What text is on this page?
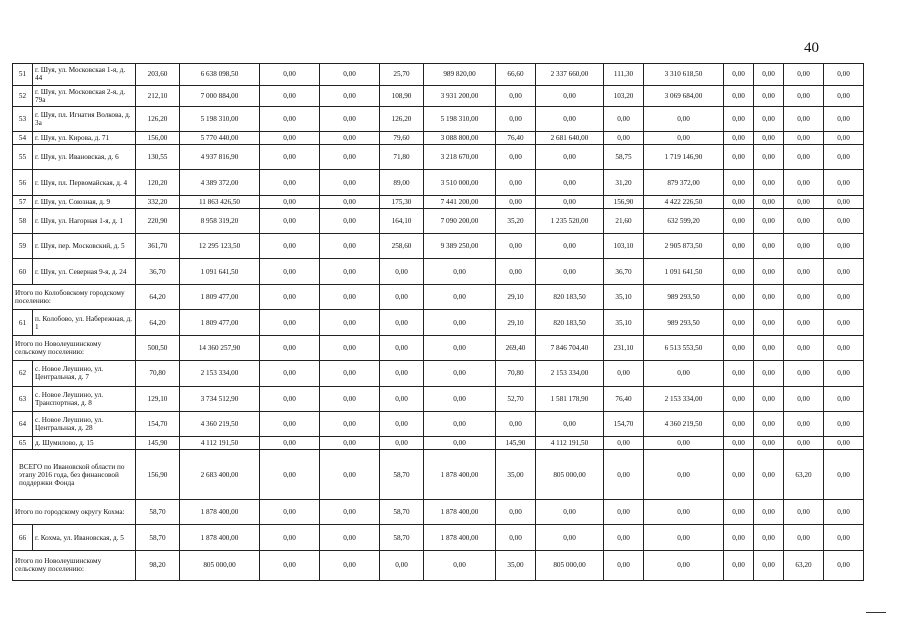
40
51	г. Шуя, ул. Московская 1-я, д. 44	203,60	6 638 098,50	0,00	0,00	25,70	989 820,00	66,60	2 337 660,00	111,30	3 310 618,50	0,00	0,00	0,00	0,00
52	г. Шуя, ул. Московская 2-я, д. 79а	212,10	7 000 884,00	0,00	0,00	108,90	3 931 200,00	0,00	0,00	103,20	3 069 684,00	0,00	0,00	0,00	0,00
53	г. Шуя, пл. Игнатия Волкова, д. 3а	126,20	5 198 310,00	0,00	0,00	126,20	5 198 310,00	0,00	0,00	0,00	0,00	0,00	0,00	0,00	0,00
54	г. Шуя, ул. Кирова, д. 71	156,00	5 770 440,00	0,00	0,00	79,60	3 088 800,00	76,40	2 681 640,00	0,00	0,00	0,00	0,00	0,00	0,00
55	г. Шуя, ул. Ивановская, д. 6	130,55	4 937 816,90	0,00	0,00	71,80	3 218 670,00	0,00	0,00	58,75	1 719 146,90	0,00	0,00	0,00	0,00
56	г. Шуя, пл. Первомайская, д. 4	120,20	4 389 372,00	0,00	0,00	89,00	3 510 000,00	0,00	0,00	31,20	879 372,00	0,00	0,00	0,00	0,00
57	г. Шуя, ул. Союзная, д. 9	332,20	11 863 426,50	0,00	0,00	175,30	7 441 200,00	0,00	0,00	156,90	4 422 226,50	0,00	0,00	0,00	0,00
58	г. Шуя, ул. Нагорная 1-я, д. 1	220,90	8 958 319,20	0,00	0,00	164,10	7 090 200,00	35,20	1 235 520,00	21,60	632 599,20	0,00	0,00	0,00	0,00
59	г. Шуя, пер. Московский, д. 5	361,70	12 295 123,50	0,00	0,00	258,60	9 389 250,00	0,00	0,00	103,10	2 905 873,50	0,00	0,00	0,00	0,00
60	г. Шуя, ул. Северная 9-я, д. 24	36,70	1 091 641,50	0,00	0,00	0,00	0,00	0,00	0,00	36,70	1 091 641,50	0,00	0,00	0,00	0,00
Итого по Колобовскому городскому поселению:		64,20	1 809 477,00	0,00	0,00	0,00	0,00	29,10	820 183,50	35,10	989 293,50	0,00	0,00	0,00	0,00
61	п. Колобово, ул. Набережная, д. 1	64,20	1 809 477,00	0,00	0,00	0,00	0,00	29,10	820 183,50	35,10	989 293,50	0,00	0,00	0,00	0,00
Итого по Новолеушинскому сельскому поселению:		500,50	14 360 257,90	0,00	0,00	0,00	0,00	269,40	7 846 704,40	231,10	6 513 553,50	0,00	0,00	0,00	0,00
62	с. Новое Леушино, ул. Центральная, д. 7	70,80	2 153 334,00	0,00	0,00	0,00	0,00	70,80	2 153 334,00	0,00	0,00	0,00	0,00	0,00	0,00
63	с. Новое Леушино, ул. Транспортная, д. 8	129,10	3 734 512,90	0,00	0,00	0,00	0,00	52,70	1 581 178,90	76,40	2 153 334,00	0,00	0,00	0,00	0,00
64	с. Новое Леушино, ул. Центральная, д. 28	154,70	4 360 219,50	0,00	0,00	0,00	0,00	0,00	0,00	154,70	4 360 219,50	0,00	0,00	0,00	0,00
65	д. Шумилово, д. 15	145,90	4 112 191,50	0,00	0,00	0,00	0,00	145,90	4 112 191,50	0,00	0,00	0,00	0,00	0,00	0,00
ВСЕГО по Ивановской области по этапу 2016 года, без финансовой поддержки Фонда		156,90	2 683 400,00	0,00	0,00	58,70	1 878 400,00	35,00	805 000,00	0,00	0,00	0,00	0,00	63,20	0,00
Итого по городскому округу Кохма:		58,70	1 878 400,00	0,00	0,00	58,70	1 878 400,00	0,00	0,00	0,00	0,00	0,00	0,00	0,00	0,00
66	г. Кохма, ул. Ивановская, д. 5	58,70	1 878 400,00	0,00	0,00	58,70	1 878 400,00	0,00	0,00	0,00	0,00	0,00	0,00	0,00	0,00
Итого по Новолеушинскому сельскому поселению:		98,20	805 000,00	0,00	0,00	0,00	0,00	35,00	805 000,00	0,00	0,00	0,00	0,00	63,20	0,00
